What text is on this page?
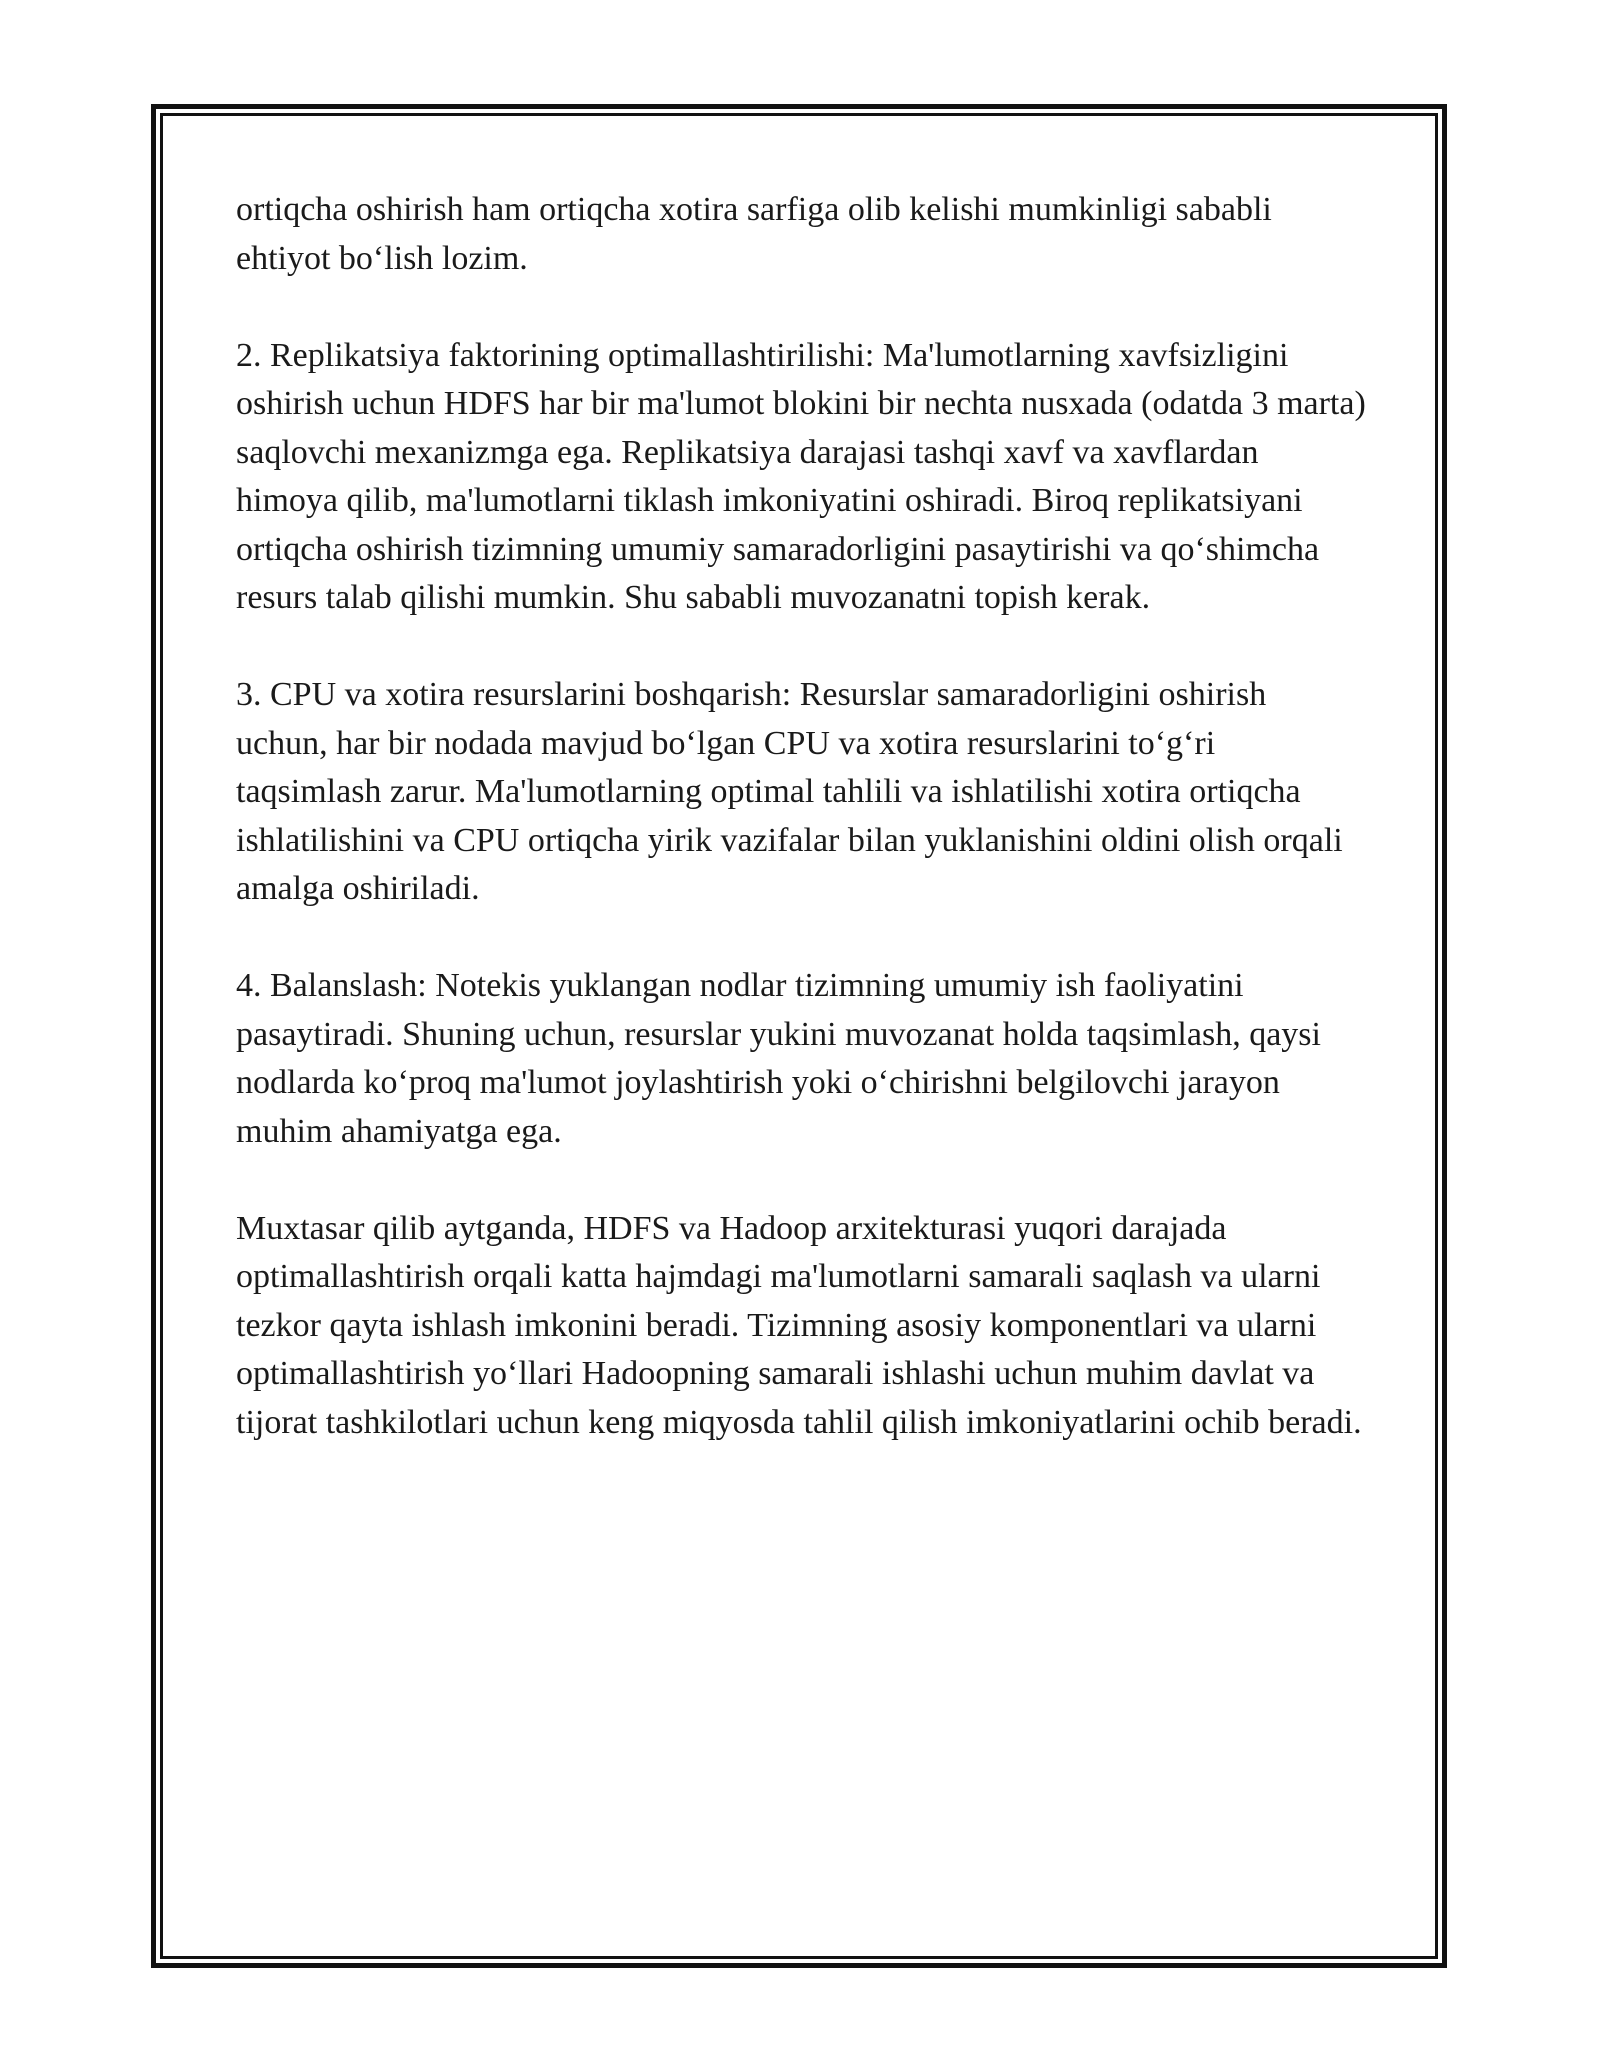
ortiqcha oshirish ham ortiqcha xotira sarfiga olib kelishi mumkinligi sababli ehtiyot boʻlish lozim.

2. Replikatsiya faktorining optimallashtirilishi: Ma'lumotlarning xavfsizligini oshirish uchun HDFS har bir ma'lumot blokini bir nechta nusxada (odatda 3 marta) saqlovchi mexanizmga ega. Replikatsiya darajasi tashqi xavf va xavflardan himoya qilib, ma'lumotlarni tiklash imkoniyatini oshiradi. Biroq replikatsiyani ortiqcha oshirish tizimning umumiy samaradorligini pasaytirishi va qoʻshimcha resurs talab qilishi mumkin. Shu sababli muvozanatni topish kerak.

3. CPU va xotira resurslarini boshqarish: Resurslar samaradorligini oshirish uchun, har bir nodada mavjud boʻlgan CPU va xotira resurslarini toʻgʻri taqsimlash zarur. Ma'lumotlarning optimal tahlili va ishlatilishi xotira ortiqcha ishlatilishini va CPU ortiqcha yirik vazifalar bilan yuklanishini oldini olish orqali amalga oshiriladi.

4. Balanslash: Notekis yuklangan nodlar tizimning umumiy ish faoliyatini pasaytiradi. Shuning uchun, resurslar yukini muvozanat holda taqsimlash, qaysi nodlarda koʻproq ma'lumot joylashtirish yoki oʻchirishni belgilovchi jarayon muhim ahamiyatga ega.

Muxtasar qilib aytganda, HDFS va Hadoop arxitekturasi yuqori darajada optimallashtirish orqali katta hajmdagi ma'lumotlarni samarali saqlash va ularni tezkor qayta ishlash imkonini beradi. Tizimning asosiy komponentlari va ularni optimallashtirish yoʻllari Hadoopning samarali ishlashi uchun muhim davlat va tijorat tashkilotlari uchun keng miqyosda tahlil qilish imkoniyatlarini ochib beradi.
